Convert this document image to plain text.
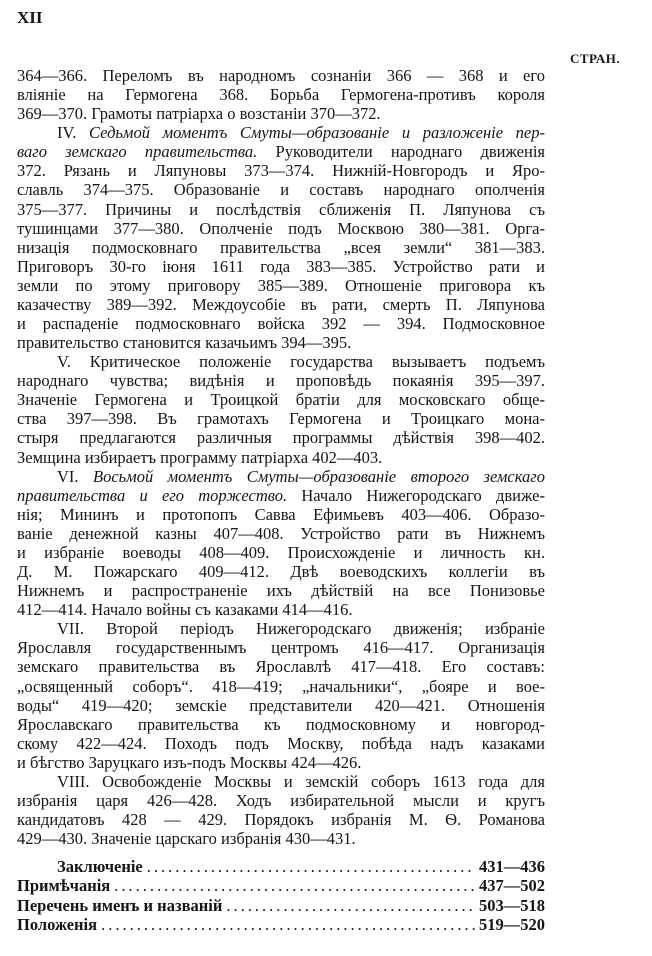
XII
СТРАН.
364—366. Переломъ въ народномъ сознаніи 366 — 368 и его
вліяніе на Гермогена 368. Борьба Гермогена-противъ короля
369—370. Грамоты патріарха о возстаніи 370—372.
IV. Седьмой моментъ Смуты—образованіе и разложеніе пер-
ваго земскаго правительства. Руководители народнаго движенія
372. Рязань и Ляпуновы 373—374. Нижній-Новгородъ и Яро-
славль 374—375. Образованіе и составъ народнаго ополченія
375—377. Причины и послѣдствія сближенія П. Ляпунова съ
тушинцами 377—380. Ополченіе подъ Москвою 380—381. Орга-
низація подмосковнаго правительства „всея земли“ 381—383.
Приговоръ 30-го іюня 1611 года 383—385. Устройство рати и
земли по этому приговору 385—389. Отношеніе приговора къ
казачеству 389—392. Междоусобіе въ рати, смерть П. Ляпунова
и распаденіе подмосковнаго войска 392 — 394. Подмосковное
правительство становится казачьимъ 394—395.
V. Критическое положеніе государства вызываетъ подъемъ
народнаго чувства; видѣнія и проповѣдь покаянія 395—397.
Значеніе Гермогена и Троицкой братіи для московскаго обще-
ства 397—398. Въ грамотахъ Гермогена и Троицкаго мона-
стыря предлагаются различныя программы дѣйствія 398—402.
Земщина избираетъ программу патріарха 402—403.
VI. Восьмой моментъ Смуты—образованіе второго земскаго
правительства и его торжество. Начало Нижегородскаго движе-
нія; Мининъ и протопопъ Савва Ефимьевъ 403—406. Образо-
ваніе денежной казны 407—408. Устройство рати въ Нижнемъ
и избраніе воеводы 408—409. Происхожденіе и личность кн.
Д. М. Пожарскаго 409—412. Двѣ воеводскихъ коллегіи въ
Нижнемъ и распространеніе ихъ дѣйствій на все Понизовье
412—414. Начало войны съ казаками 414—416.
VII. Второй періодъ Нижегородскаго движенія; избраніе
Ярославля государственнымъ центромъ 416—417. Организація
земскаго правительства въ Ярославлѣ 417—418. Его составъ:
„освященный соборъ“. 418—419; „начальники“, „бояре и вое-
воды“ 419—420; земскіе представители 420—421. Отношенія
Ярославскаго правительства къ подмосковному и новгород-
скому 422—424. Походъ подъ Москву, побѣда надъ казаками
и бѣгство Заруцкаго изъ-подъ Москвы 424—426.
VIII. Освобожденіе Москвы и земскій соборъ 1613 года для
избранія царя 426—428. Ходъ избирательной мысли и кругъ
кандидатовъ 428 — 429. Порядокъ избранія М. Ѳ. Романова
429—430. Значеніе царскаго избранія 430—431.
Заключеніе .....	431—436
Примѣчанія .....	437—502
Перечень именъ и названій .....	503—518
Положенія .....	519—520
